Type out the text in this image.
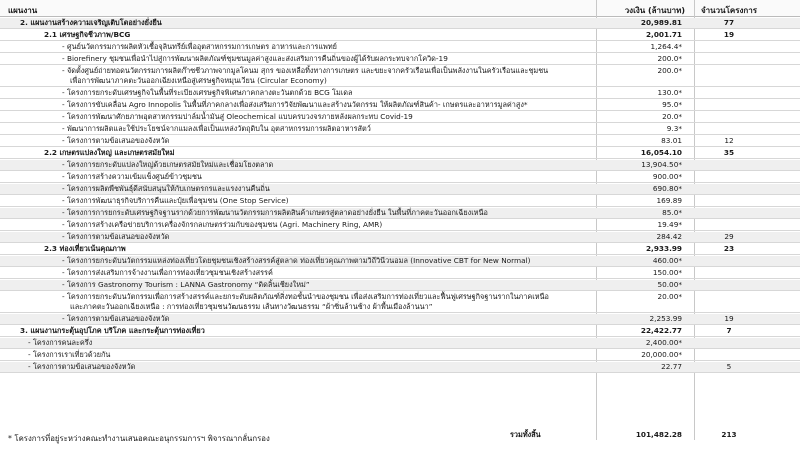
แผนงาน	วงเงิน (ล้านบาท) จำนวนโครงการ
2. แผนงานสร้างความเจริญเติบโตอย่างยั่งยืน	20,989.81	77
2.1 เศรษฐกิจชีวภาพ/BCG	2,001.71	19
- ศูนย์นวัตกรรมการผลิตหัวเชื้อจุลินทรีย์เพื่ออุตสาหกรรมการเกษตร อาหารและการแพทย์	1,264.4*
- Biorefinery ชุมชนเพื่อนำไปสู่การพัฒนาผลิตภัณฑ์ชุมชนมูลค่าสูงและส่งเสริมการคืนถิ่นของผู้ได้รับผลกระทบจากโควิด-19	200.0*
- จัดตั้งศูนย์ถ่ายทอดนวัตกรรมการผลิตก๊าซชีวภาพจากมูลโคนม สุกร ของเหลือทิ้งทางการเกษตร และขยะจากครัวเรือนเพื่อเป็นพลังงานในครัวเรือนและชุมชน
เพื่อการพัฒนาภาคตะวันออกเฉียงเหนือสู่เศรษฐกิจหมุนเวียน (Circular Economy)
200.0*
- โครงการยกระดับเศรษฐกิจในพื้นที่ระเบียงเศรษฐกิจพิเศษภาคกลางตะวันตกด้วย BCG โมเดล	130.0*
- โครงการขับเคลื่อน Agro Innopolis ในพื้นที่ภาคกลางเพื่อส่งเสริมการวิจัยพัฒนาและสร้างนวัตกรรม ให้ผลิตภัณฑ์สินค้า- เกษตรและอาหารมูลค่าสูง*	95.0*
- โครงการพัฒนาศักยภาพอุตสาหกรรมปาล์มน้ำมันสู่ Oleochemical แบบครบวงจรภายหลังผลกระทบ Covid-19	20.0*
- พัฒนาการผลิตและใช้ประโยชน์จากแมลงเพื่อเป็นแหล่งวัตถุดิบใน อุตสาหกรรมการผลิตอาหารสัตว์	9.3*
- โครงการตามข้อเสนอของจังหวัด	83.01	12
2.2 เกษตรแปลงใหญ่ และเกษตรสมัยใหม่	16,054.10	35
- โครงการยกระดับแปลงใหญ่ด้วยเกษตรสมัยใหม่และเชื่อมโยงตลาด	13,904.50*
- โครงการสร้างความเข้มแข็งศูนย์ข้าวชุมชน	900.00*
- โครงการผลิตพืชพันธุ์ดีสนับสนุนให้กับเกษตรกรและแรงงานคืนถิ่น	690.80*
- โครงการพัฒนาธุรกิจบริการคืนและปุ๋ยเพื่อชุมชน (One Stop Service)	169.89
- โครงการการยกระดับเศรษฐกิจฐานรากด้วยการพัฒนานวัตกรรมการผลิตสินค้าเกษตรสู่ตลาดอย่างยั่งยืน ในพื้นที่ภาคตะวันออกเฉียงเหนือ	85.0*
- โครงการสร้างเครือข่ายบริการเครื่องจักรกลเกษตรร่วมกับของชุมชน (Agri. Machinery Ring, AMR)	19.49*
- โครงการตามข้อเสนอของจังหวัด	284.42	29
2.3 ท่องเที่ยวเน้นคุณภาพ	2,933.99	23
- โครงการยกระดับนวัตกรรมแหล่งท่องเที่ยวโดยชุมชนเชิงสร้างสรรค์สู่ตลาด ท่องเที่ยวคุณภาพตามวิถีวินีวนอมล (Innovative CBT for New Normal)	460.00*
- โครงการส่งเสริมการจ้างงานเพื่อการท่องเที่ยวชุมชนเชิงสร้างสรรค์	150.00*
- โครงการ Gastronomy Tourism : LANNA Gastronomy “ดิดลิ้นเชียงใหม่”	50.00*
- โครงการยกระดับนวัตกรรมเพื่อการสร้างสรรค์และยกระดับผลิตภัณฑ์สิ่งทอชั้นนำของชุมชน เพื่อส่งเสริมการท่องเที่ยวและฟื้นฟูเศรษฐกิจฐานรากในภาคเหนือ
และภาคตะวันออกเฉียงเหนือ : การท่องเที่ยวชุมชนวัฒนธรรม เส้นทางวัฒนธรรม “ผ้าซิ่นล้านช้าง ผ้าพื้นเมืองล้านนา”
20.00*
- โครงการตามข้อเสนอของจังหวัด	2,253.99	19
3. แผนงานกระตุ้นอุปโภค บริโภค และกระตุ้นการท่องเที่ยว	22,422.77	7
- โครงการคนละครึ่ง	2,400.00*
- โครงการเราเที่ยวด้วยกัน	20,000.00*
- โครงการตามข้อเสนอของจังหวัด	22.77	5
รวมทั้งสิ้น	101,482.28	213
* โครงการที่อยู่ระหว่างคณะทำงานเสนอคณะอนุกรรมการฯ พิจารณากลั่นกรอง
